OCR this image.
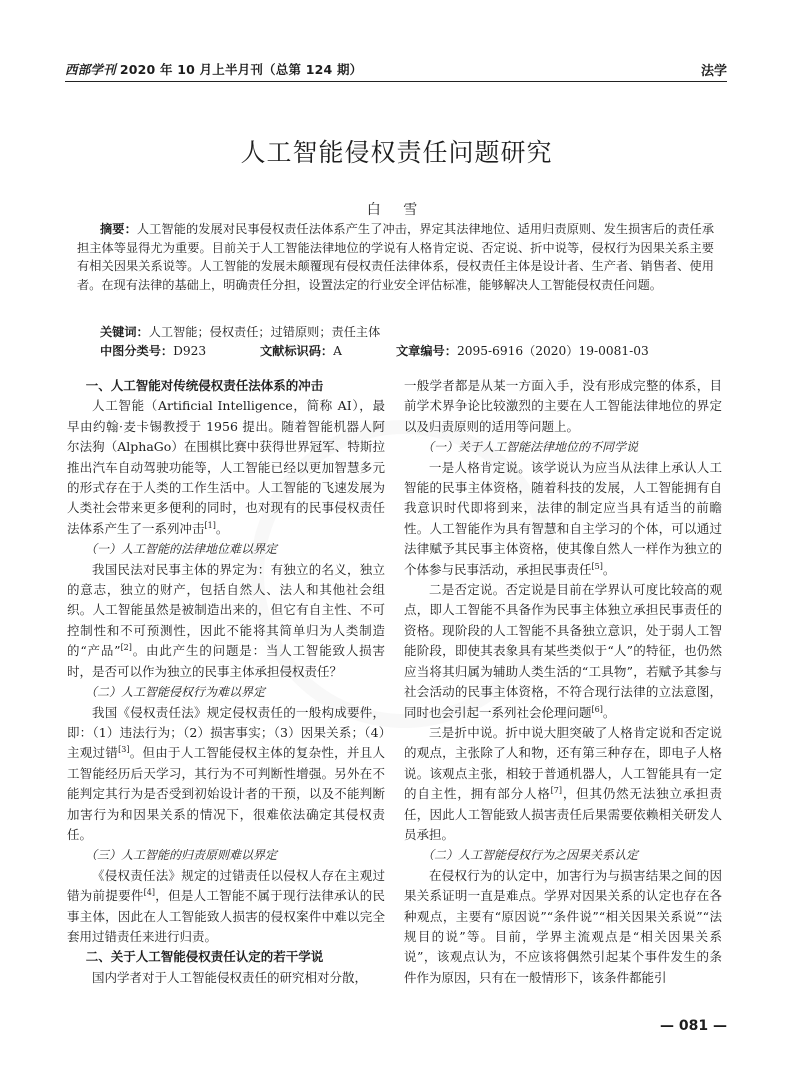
西部学刊 2020 年 10 月上半月刊（总第 124 期）	法学
人工智能侵权责任问题研究
白 雪
摘要：人工智能的发展对民事侵权责任法体系产生了冲击，界定其法律地位、适用归责原则、发生损害后的责任承担主体等显得尤为重要。目前关于人工智能法律地位的学说有人格肯定说、否定说、折中说等，侵权行为因果关系主要有相关因果关系说等。人工智能的发展未颠覆现有侵权责任法律体系，侵权责任主体是设计者、生产者、销售者、使用者。在现有法律的基础上，明确责任分担，设置法定的行业安全评估标准，能够解决人工智能侵权责任问题。
关键词：人工智能；侵权责任；过错原则；责任主体
中图分类号：D923	文献标识码：A	文章编号：2095-6916（2020）19-0081-03
一、人工智能对传统侵权责任法体系的冲击

人工智能（Artificial Intelligence，简称 AI），最早由约翰·麦卡锡教授于 1956 提出。随着智能机器人阿尔法狗（AlphaGo）在围棋比赛中获得世界冠军、特斯拉推出汽车自动驾驶功能等，人工智能已经以更加智慧多元的形式存在于人类的工作生活中。人工智能的飞速发展为人类社会带来更多便利的同时，也对现有的民事侵权责任法体系产生了一系列冲击[1]。

（一）人工智能的法律地位难以界定

我国民法对民事主体的界定为：有独立的名义，独立的意志，独立的财产，包括自然人、法人和其他社会组织。人工智能虽然是被制造出来的，但它有自主性、不可控制性和不可预测性，因此不能将其简单归为人类制造的“产品”[2]。由此产生的问题是：当人工智能致人损害时，是否可以作为独立的民事主体承担侵权责任？

（二）人工智能侵权行为难以界定

我国《侵权责任法》规定侵权责任的一般构成要件，即：（1）违法行为；（2）损害事实；（3）因果关系；（4）主观过错[3]。但由于人工智能侵权主体的复杂性，并且人工智能经历后天学习，其行为不可判断性增强。另外在不能判定其行为是否受到初始设计者的干预，以及不能判断加害行为和因果关系的情况下，很难依法确定其侵权责任。

（三）人工智能的归责原则难以界定

《侵权责任法》规定的过错责任以侵权人存在主观过错为前提要件[4]，但是人工智能不属于现行法律承认的民事主体，因此在人工智能致人损害的侵权案件中难以完全套用过错责任来进行归责。

二、关于人工智能侵权责任认定的若干学说

国内学者对于人工智能侵权责任的研究相对分散，

一般学者都是从某一方面入手，没有形成完整的体系，目前学术界争论比较激烈的主要在人工智能法律地位的界定以及归责原则的适用等问题上。

（一）关于人工智能法律地位的不同学说

一是人格肯定说。该学说认为应当从法律上承认人工智能的民事主体资格，随着科技的发展，人工智能拥有自我意识时代即将到来，法律的制定应当具有适当的前瞻性。人工智能作为具有智慧和自主学习的个体，可以通过法律赋予其民事主体资格，使其像自然人一样作为独立的个体参与民事活动，承担民事责任[5]。

二是否定说。否定说是目前在学界认可度比较高的观点，即人工智能不具备作为民事主体独立承担民事责任的资格。现阶段的人工智能不具备独立意识，处于弱人工智能阶段，即使其表象具有某些类似于“人”的特征，也仍然应当将其归属为辅助人类生活的“工具物”，若赋予其参与社会活动的民事主体资格，不符合现行法律的立法意图，同时也会引起一系列社会伦理问题[6]。

三是折中说。折中说大胆突破了人格肯定说和否定说的观点，主张除了人和物，还有第三种存在，即电子人格说。该观点主张，相较于普通机器人，人工智能具有一定的自主性，拥有部分人格[7]，但其仍然无法独立承担责任，因此人工智能致人损害责任后果需要依赖相关研发人员承担。

（二）人工智能侵权行为之因果关系认定

在侵权行为的认定中，加害行为与损害结果之间的因果关系证明一直是难点。学界对因果关系的认定也存在各种观点，主要有“原因说”“条件说”“相关因果关系说”“法规目的说”等。目前，学界主流观点是“相关因果关系说”，该观点认为，不应该将偶然引起某个事件发生的条件作为原因，只有在一般情形下，该条件都能引

— 081 —
